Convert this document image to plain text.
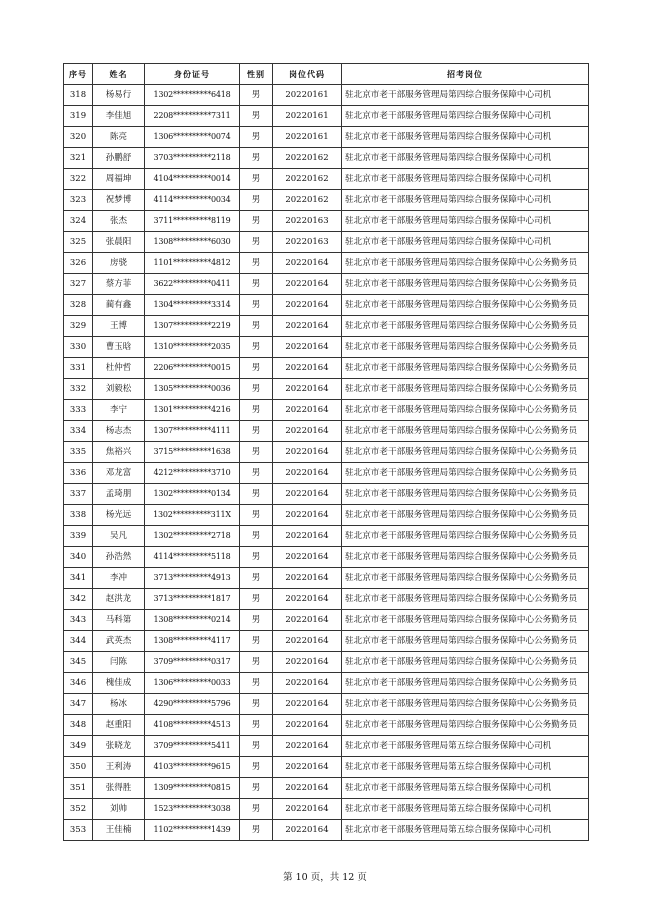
序号	姓名	身份证号	性别	岗位代码	招考岗位
318	杨易行	1302**********6418	男	20220161	驻北京市老干部服务管理局第四综合服务保障中心司机
319	李佳旭	2208**********7311	男	20220161	驻北京市老干部服务管理局第四综合服务保障中心司机
320	陈亮	1306**********0074	男	20220161	驻北京市老干部服务管理局第四综合服务保障中心司机
321	孙鹏舒	3703**********2118	男	20220162	驻北京市老干部服务管理局第四综合服务保障中心司机
322	周福坤	4104**********0014	男	20220162	驻北京市老干部服务管理局第四综合服务保障中心司机
323	祝梦博	4114**********0034	男	20220162	驻北京市老干部服务管理局第四综合服务保障中心司机
324	张杰	3711**********8119	男	20220163	驻北京市老干部服务管理局第四综合服务保障中心司机
325	张晨阳	1308**********6030	男	20220163	驻北京市老干部服务管理局第四综合服务保障中心司机
326	房骁	1101**********4812	男	20220164	驻北京市老干部服务管理局第四综合服务保障中心公务勤务员
327	蔡方菲	3622**********0411	男	20220164	驻北京市老干部服务管理局第四综合服务保障中心公务勤务员
328	蔺有鑫	1304**********3314	男	20220164	驻北京市老干部服务管理局第四综合服务保障中心公务勤务员
329	王博	1307**********2219	男	20220164	驻北京市老干部服务管理局第四综合服务保障中心公务勤务员
330	曹玉晗	1310**********2035	男	20220164	驻北京市老干部服务管理局第四综合服务保障中心公务勤务员
331	杜仲哲	2206**********0015	男	20220164	驻北京市老干部服务管理局第四综合服务保障中心公务勤务员
332	刘毅松	1305**********0036	男	20220164	驻北京市老干部服务管理局第四综合服务保障中心公务勤务员
333	李宁	1301**********4216	男	20220164	驻北京市老干部服务管理局第四综合服务保障中心公务勤务员
334	杨志杰	1307**********4111	男	20220164	驻北京市老干部服务管理局第四综合服务保障中心公务勤务员
335	焦裕兴	3715**********1638	男	20220164	驻北京市老干部服务管理局第四综合服务保障中心公务勤务员
336	邓龙富	4212**********3710	男	20220164	驻北京市老干部服务管理局第四综合服务保障中心公务勤务员
337	孟琦朋	1302**********0134	男	20220164	驻北京市老干部服务管理局第四综合服务保障中心公务勤务员
338	杨光远	1302**********311X	男	20220164	驻北京市老干部服务管理局第四综合服务保障中心公务勤务员
339	吴凡	1302**********2718	男	20220164	驻北京市老干部服务管理局第四综合服务保障中心公务勤务员
340	孙浩然	4114**********5118	男	20220164	驻北京市老干部服务管理局第四综合服务保障中心公务勤务员
341	李冲	3713**********4913	男	20220164	驻北京市老干部服务管理局第四综合服务保障中心公务勤务员
342	赵洪龙	3713**********1817	男	20220164	驻北京市老干部服务管理局第四综合服务保障中心公务勤务员
343	马科第	1308**********0214	男	20220164	驻北京市老干部服务管理局第四综合服务保障中心公务勤务员
344	武英杰	1308**********4117	男	20220164	驻北京市老干部服务管理局第四综合服务保障中心公务勤务员
345	闫陈	3709**********0317	男	20220164	驻北京市老干部服务管理局第四综合服务保障中心公务勤务员
346	槐佳成	1306**********0033	男	20220164	驻北京市老干部服务管理局第四综合服务保障中心公务勤务员
347	杨冰	4290**********5796	男	20220164	驻北京市老干部服务管理局第四综合服务保障中心公务勤务员
348	赵重阳	4108**********4513	男	20220164	驻北京市老干部服务管理局第四综合服务保障中心公务勤务员
349	张晓龙	3709**********5411	男	20220164	驻北京市老干部服务管理局第五综合服务保障中心司机
350	王利涛	4103**********9615	男	20220164	驻北京市老干部服务管理局第五综合服务保障中心司机
351	张得胜	1309**********0815	男	20220164	驻北京市老干部服务管理局第五综合服务保障中心司机
352	刘帅	1523**********3038	男	20220164	驻北京市老干部服务管理局第五综合服务保障中心司机
353	王佳楠	1102**********1439	男	20220164	驻北京市老干部服务管理局第五综合服务保障中心司机
第 10 页，共 12 页
